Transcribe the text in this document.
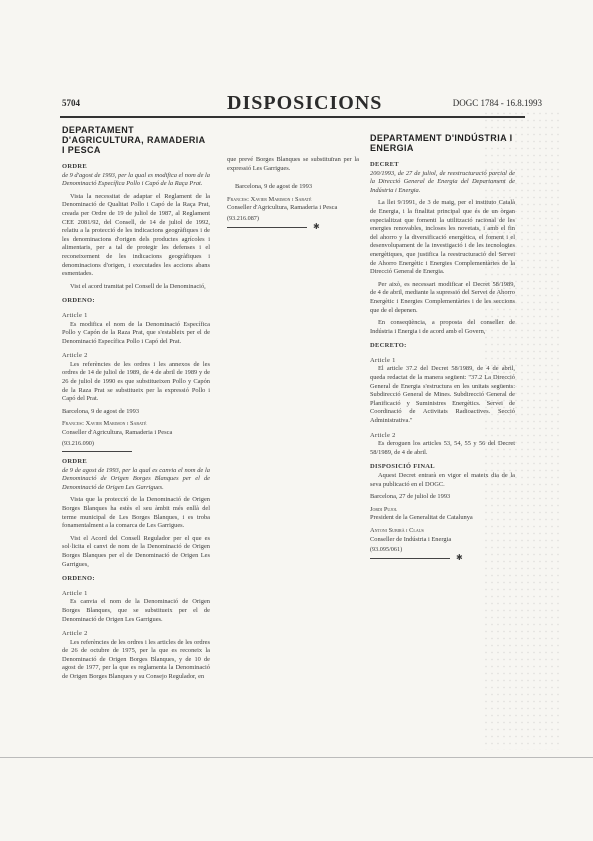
5704	DISPOSICIONS	DOGC 1784 - 16.8.1993
DEPARTAMENT D'AGRICULTURA, RAMADERIA I PESCA
ORDRE
de 9 d'agost de 1993, per la qual es modifica el nom de la Denominació Específica Pollo i Capó de la Raça Prat.
Vista la necessitat de adaptar el Reglament de la Denominació de Qualitat Pollo i Capó de la Raça Prat, creada per Ordre de 19 de juliol de 1987, al Reglament CEE 2081/92, del Consell, de 14 de juliol de 1992, relatiu a la protecció de les indicacions geogràfiques i de les denominacions d'origen dels productes agrícoles i alimentaris, per a tal de protegir les defenses i el reconeixement de les indicacions geogràfiques i denominacions d'origen, i executades les accions abans esmentades.
Vist el acord tramitat pel Consell de la Denominació,
ORDENO:
Article 1
Es modifica el nom de la Denominació Específica Pollo y Capón de la Raza Prat, que s'estableix per el de Denominació Específica Pollo i Capó del Prat.
Article 2
Les referències de les ordres i les annexos de les ordres de 14 de juliol de 1989, de 4 de abril de 1989 y de 26 de juliol de 1990 es que substitueixen Pollo y Capón de la Raza Prat se substitueix per la expressió Pollo i Capó del Prat.
Barcelona, 9 de agost de 1993
Francesc Xavier Marimon i Sabaté
Conseller d'Agricultura, Ramaderia i Pesca
(93.216.090)
ORDRE
de 9 de agost de 1993, per la qual es canvia el nom de la Denominació de Origen Borges Blanques per el de Denominació de Origen Les Garrigues.
Vista que la protecció de la Denominació de Origen Borges Blanques ha estès el seu àmbit més enllà del terme municipal de Les Borges Blanques, i es troba fonamentalment a la comarca de Les Garrigues.
Vist el Acord del Consell Regulador per el que es sol·licita el canvi de nom de la Denominació de Origen Borges Blanques per el de Denominació de Origen Les Garrigues,
ORDENO:
Article 1
Es canvia el nom de la Denominació de Origen Borges Blanques, que se substitueix per el de Denominació de Origen Les Garrigues.
Article 2
Les referències de les ordres i les articles de les ordres de 26 de octubre de 1975, per la que es reconeix la Denominació de Origen Borges Blanques, y de 10 de agost de 1977, per la que es reglamenta la Denominació de Origen Borges Blanques y su Consejo Regulador, en
que prevé Borges Blanques se substituïran per la expressió Les Garrigues.
Barcelona, 9 de agost de 1993
Francesc Xavier Marimon i Sabaté
Conseller d'Agricultura, Ramaderia i Pesca
(93.216.087)
✱
DEPARTAMENT D'INDÚSTRIA I ENERGIA
DECRET
200/1993, de 27 de juliol, de reestructuració parcial de la Direcció General de Energia del Departament de Indústria i Energia.
La llei 9/1991, de 3 de maig, per el instituto Català de Energia, i la finalitat principal que és de un òrgan especialitzat que fomenti la utilització racional de les energies renovables, incloses les novetats, i amb el fin del ahorro y la diversificació energètica, el foment i el desenvolupament de la investigació i de les tecnologies energètiques, que justifica la reestructuració del Servei de Ahorro Energètic i Energies Complementàries de la Direcció General de Energia.
Per això, es necessari modificar el Decret 58/1989, de 4 de abril, mediante la supressió del Servei de Ahorro Energètic i Energies Complementàries i de les seccions que de el depenen.
En conseqüència, a proposta del conseller de Indústria i Energia i de acord amb el Govern,
DECRETO:
Article 1
El article 37.2 del Decret 58/1989, de 4 de abril, queda redactat de la manera següent: "37.2 La Direcció General de Energia s'estructura en les unitats següents: Subdirecció General de Mines. Subdirecció General de Planificació y Suministres Energètics. Servei de Coordinació de Activitats Radioactives. Secció Administrativa."
Article 2
Es deroguen los articles 53, 54, 55 y 56 del Decret 58/1989, de 4 de abril.
DISPOSICIÓ FINAL
Aquest Decret entrarà en vigor el mateix dia de la seva publicació en el DOGC.
Barcelona, 27 de juliol de 1993
Jordi Pujol
President de la Generalitat de Catalunya
Antoni Subirà i Claus
Conseller de Indústria i Energia
(93.095/061)
✱
